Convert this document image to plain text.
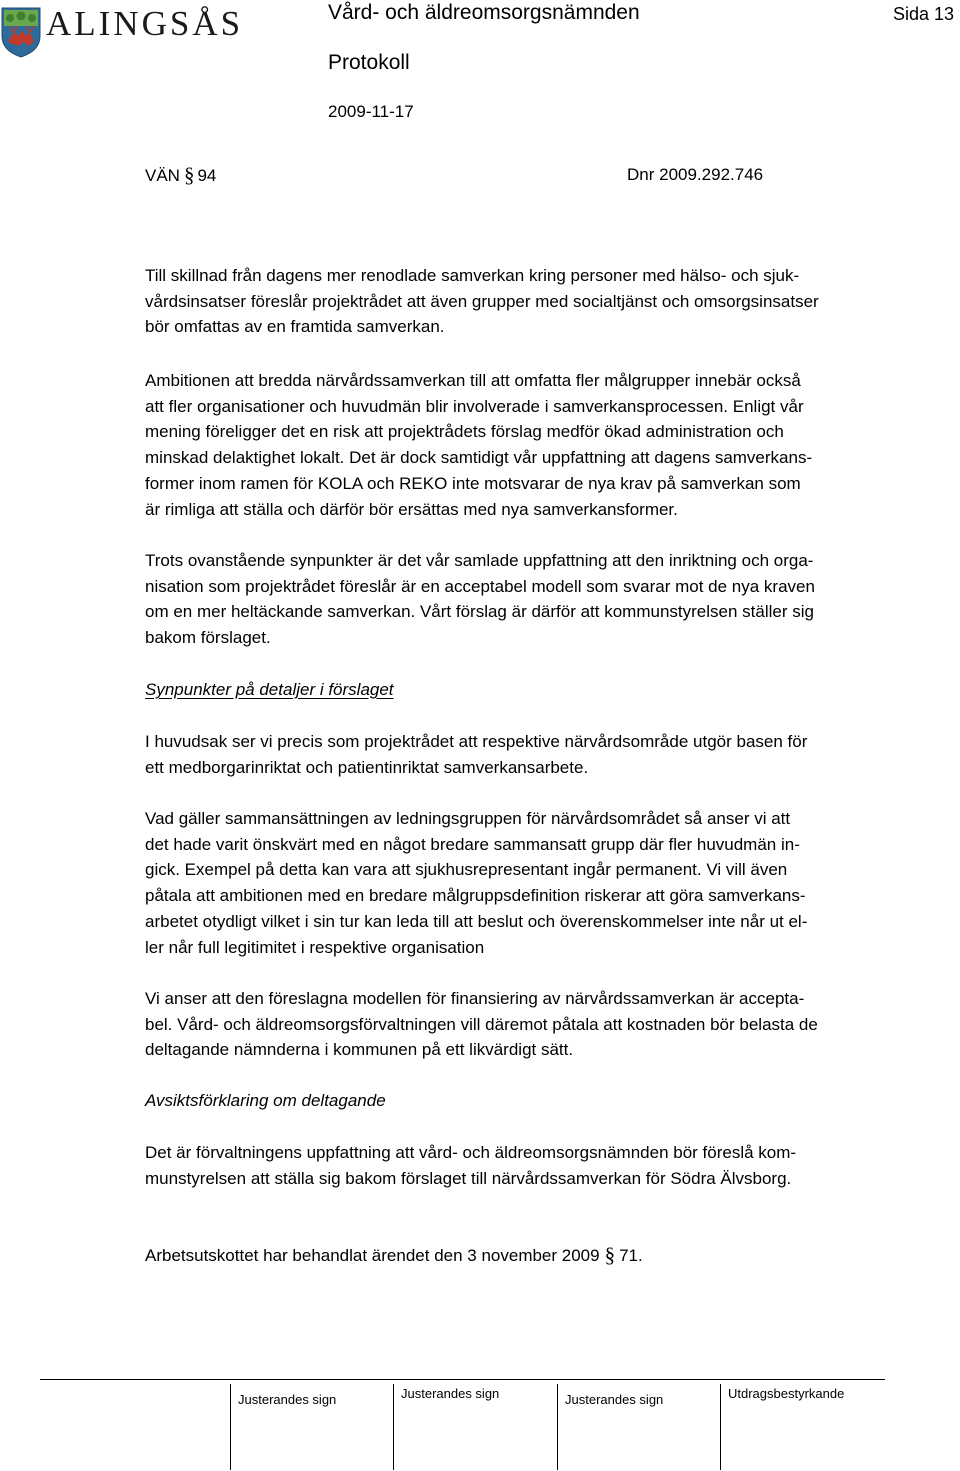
ALINGSÅS	Vård- och äldreomsorgsnämnden	Sida 13
Protokoll
2009-11-17
VÄN § 94	Dnr 2009.292.746

Till skillnad från dagens mer renodlade samverkan kring personer med hälso- och sjuk-
vårdsinsatser föreslår projektrådet att även grupper med socialtjänst och omsorgsinsatser
bör omfattas av en framtida samverkan.

Ambitionen att bredda närvårdssamverkan till att omfatta fler målgrupper innebär också
att fler organisationer och huvudmän blir involverade i samverkansprocessen. Enligt vår
mening föreligger det en risk att projektrådets förslag medför ökad administration och
minskad delaktighet lokalt. Det är dock samtidigt vår uppfattning att dagens samverkans-
former inom ramen för KOLA och REKO inte motsvarar de nya krav på samverkan som
är rimliga att ställa och därför bör ersättas med nya samverkansformer.

Trots ovanstående synpunkter är det vår samlade uppfattning att den inriktning och orga-
nisation som projektrådet föreslår är en acceptabel modell som svarar mot de nya kraven
om en mer heltäckande samverkan. Vårt förslag är därför att kommunstyrelsen ställer sig
bakom förslaget.

Synpunkter på detaljer i förslaget

I huvudsak ser vi precis som projektrådet att respektive närvårdsområde utgör basen för
ett medborgarinriktat och patientinriktat samverkansarbete.

Vad gäller sammansättningen av ledningsgruppen för närvårdsområdet så anser vi att
det hade varit önskvärt med en något bredare sammansatt grupp där fler huvudmän in-
gick. Exempel på detta kan vara att sjukhusrepresentant ingår permanent. Vi vill även
påtala att ambitionen med en bredare målgruppsdefinition riskerar att göra samverkans-
arbetet otydligt vilket i sin tur kan leda till att beslut och överenskommelser inte når ut el-
ler når full legitimitet i respektive organisation

Vi anser att den föreslagna modellen för finansiering av närvårdssamverkan är accepta-
bel. Vård- och äldreomsorgsförvaltningen vill däremot påtala att kostnaden bör belasta de
deltagande nämnderna i kommunen på ett likvärdigt sätt.

Avsiktsförklaring om deltagande

Det är förvaltningens uppfattning att vård- och äldreomsorgsnämnden bör föreslå kom-
munstyrelsen att ställa sig bakom förslaget till närvårdssamverkan för Södra Älvsborg.

Arbetsutskottet har behandlat ärendet den 3 november 2009 § 71.

Justerandes sign	Justerandes sign	Justerandes sign	Utdragsbestyrkande
